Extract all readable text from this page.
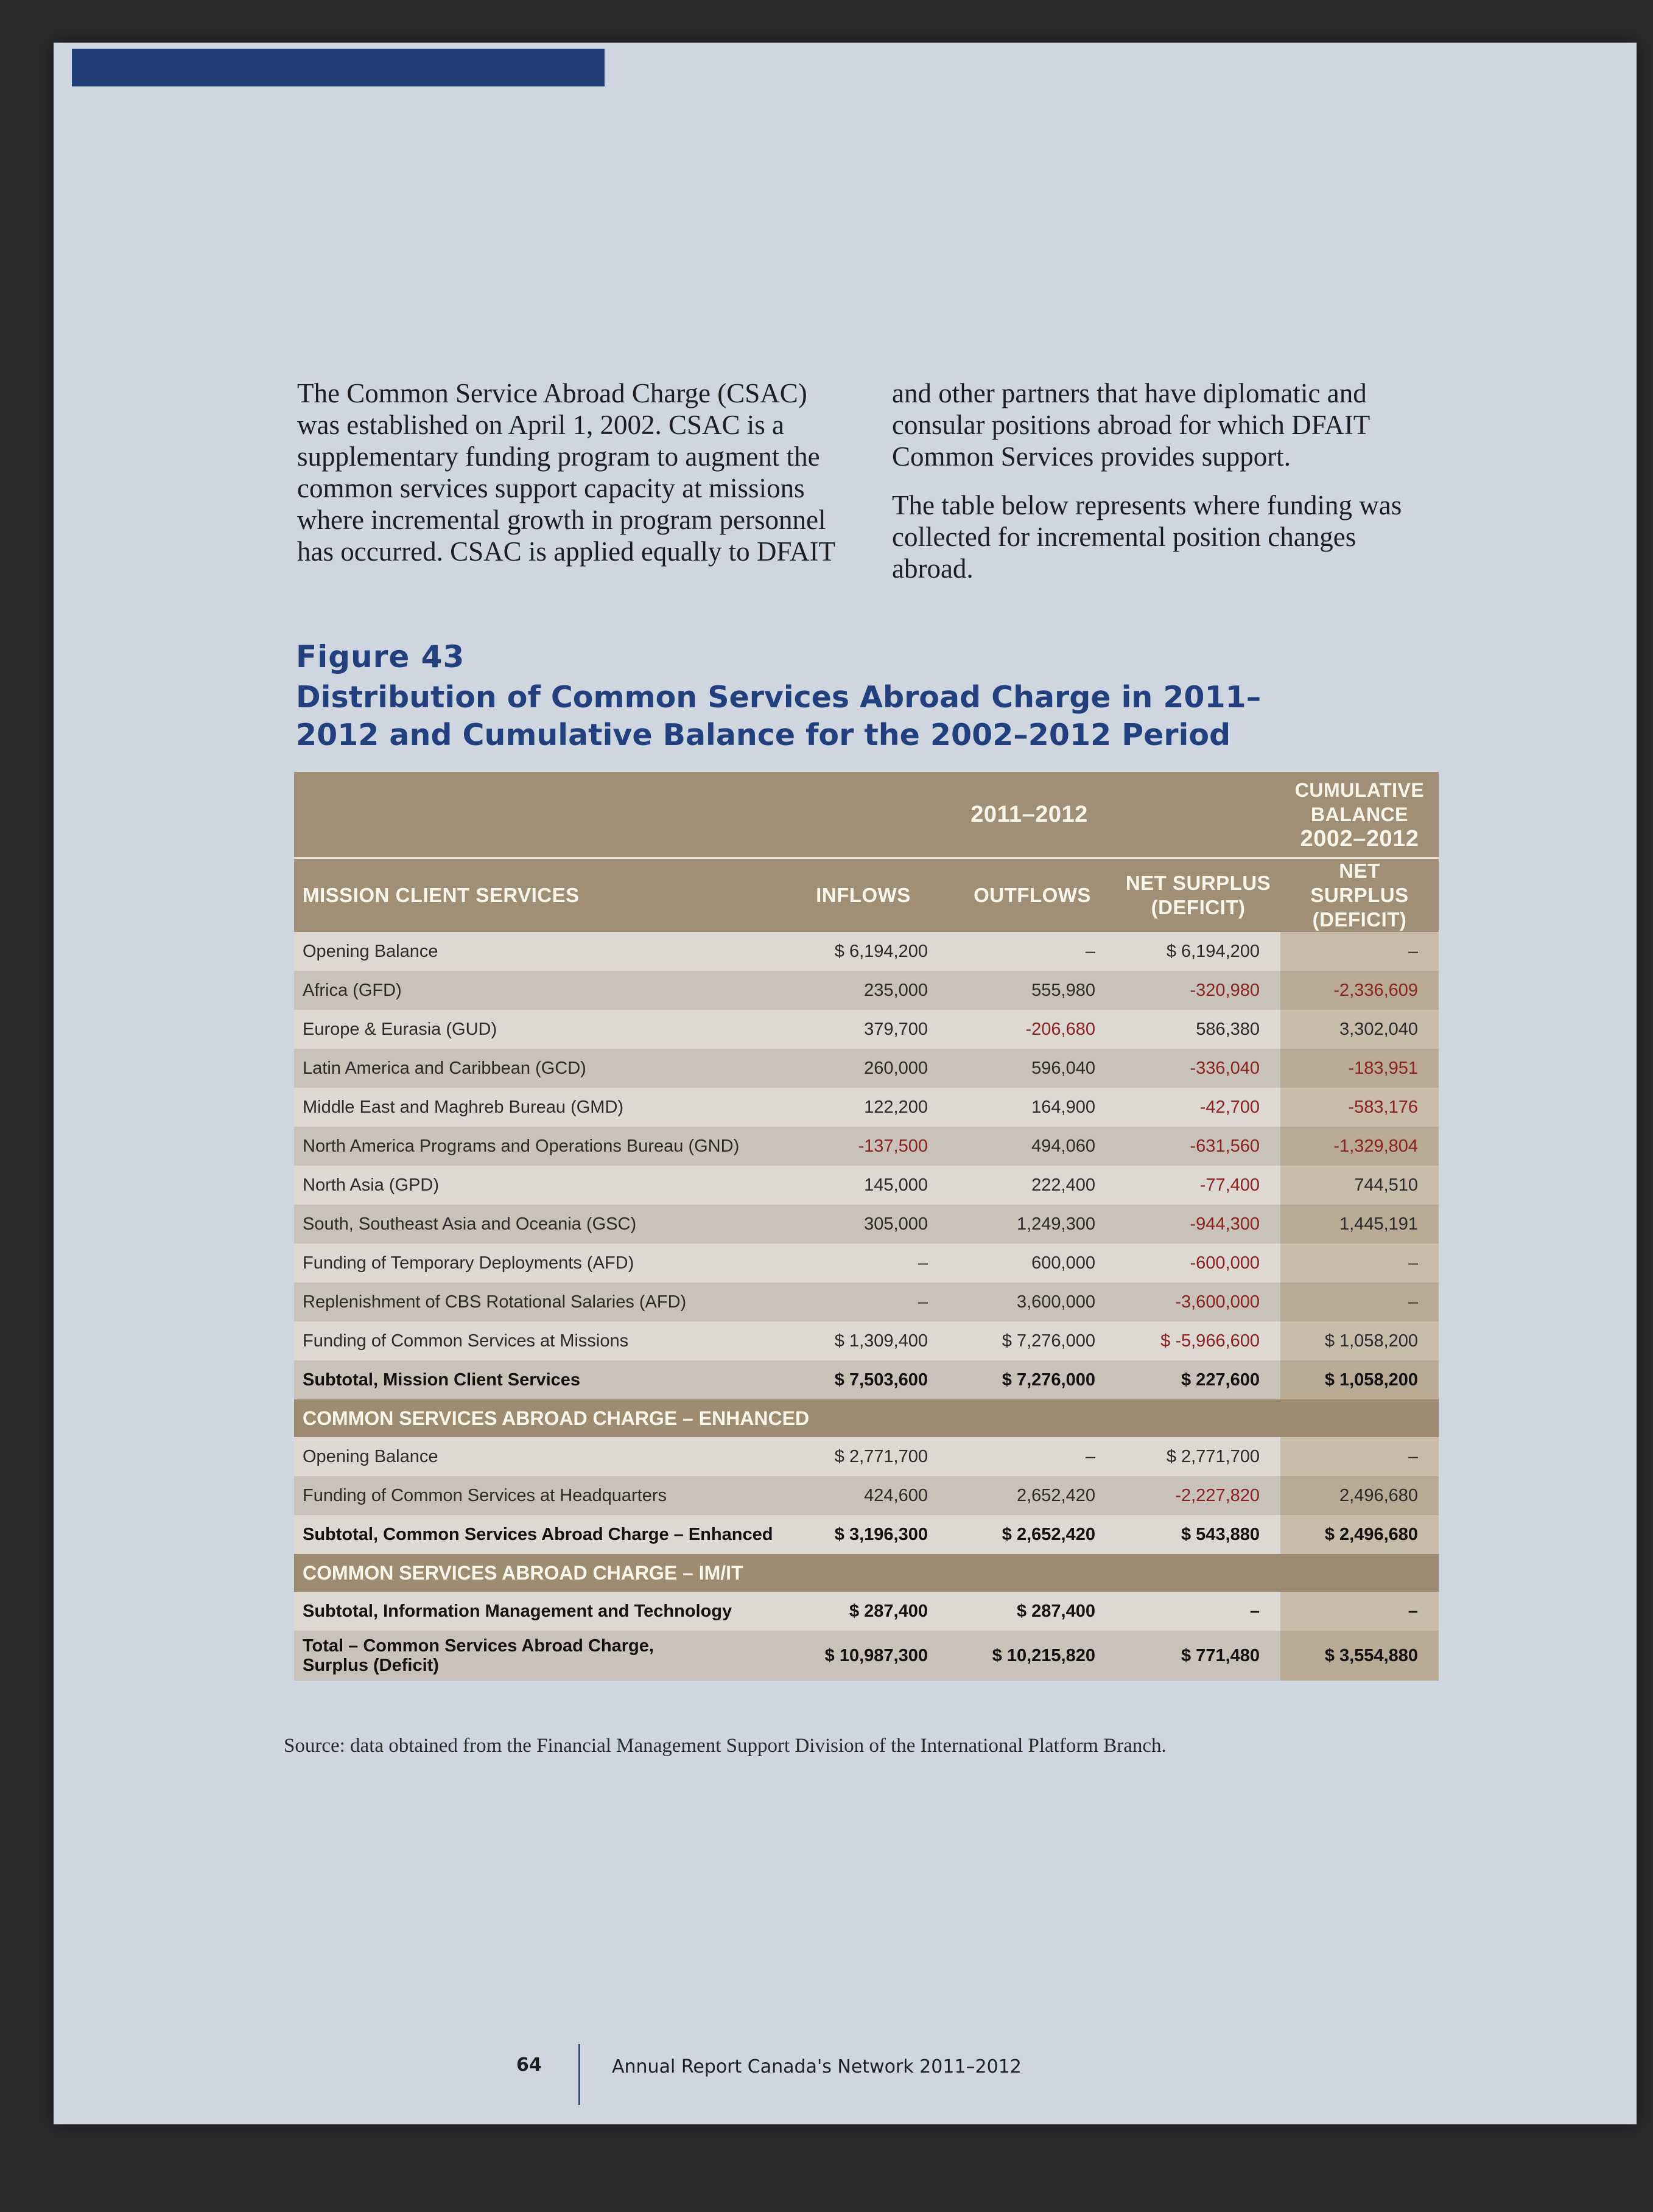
The Common Service Abroad Charge (CSAC) was established on April 1, 2002. CSAC is a supplementary funding program to augment the common services support capacity at missions where incremental growth in program personnel has occurred. CSAC is applied equally to DFAIT

and other partners that have diplomatic and consular positions abroad for which DFAIT Common Services provides support.

The table below represents where funding was collected for incremental position changes abroad.

Figure 43
Distribution of Common Services Abroad Charge in 2011–2012 and Cumulative Balance for the 2002–2012 Period
	2011–2012			CUMULATIVE BALANCE
2002–2012
MISSION CLIENT SERVICES	INFLOWS	OUTFLOWS	NET SURPLUS (DEFICIT)	NET SURPLUS (DEFICIT)
Opening Balance	$ 6,194,200	–	$ 6,194,200	–
Africa (GFD)	235,000	555,980	-320,980	-2,336,609
Europe & Eurasia (GUD)	379,700	-206,680	586,380	3,302,040
Latin America and Caribbean (GCD)	260,000	596,040	-336,040	-183,951
Middle East and Maghreb Bureau (GMD)	122,200	164,900	-42,700	-583,176
North America Programs and Operations Bureau (GND)	-137,500	494,060	-631,560	-1,329,804
North Asia (GPD)	145,000	222,400	-77,400	744,510
South, Southeast Asia and Oceania (GSC)	305,000	1,249,300	-944,300	1,445,191
Funding of Temporary Deployments (AFD)	–	600,000	-600,000	–
Replenishment of CBS Rotational Salaries (AFD)	–	3,600,000	-3,600,000	–
Funding of Common Services at Missions	$ 1,309,400	$ 7,276,000	$ -5,966,600	$ 1,058,200
Subtotal, Mission Client Services	$ 7,503,600	$ 7,276,000	$ 227,600	$ 1,058,200
COMMON SERVICES ABROAD CHARGE – ENHANCED				
Opening Balance	$ 2,771,700	–	$ 2,771,700	–
Funding of Common Services at Headquarters	424,600	2,652,420	-2,227,820	2,496,680
Subtotal, Common Services Abroad Charge – Enhanced	$ 3,196,300	$ 2,652,420	$ 543,880	$ 2,496,680
COMMON SERVICES ABROAD CHARGE – IM/IT				
Subtotal, Information Management and Technology	$ 287,400	$ 287,400	–	–
Total – Common Services Abroad Charge,
Surplus (Deficit)	$ 10,987,300	$ 10,215,820	$ 771,480	$ 3,554,880
Source: data obtained from the Financial Management Support Division of the International Platform Branch.
64	Annual Report Canada's Network 2011–2012
